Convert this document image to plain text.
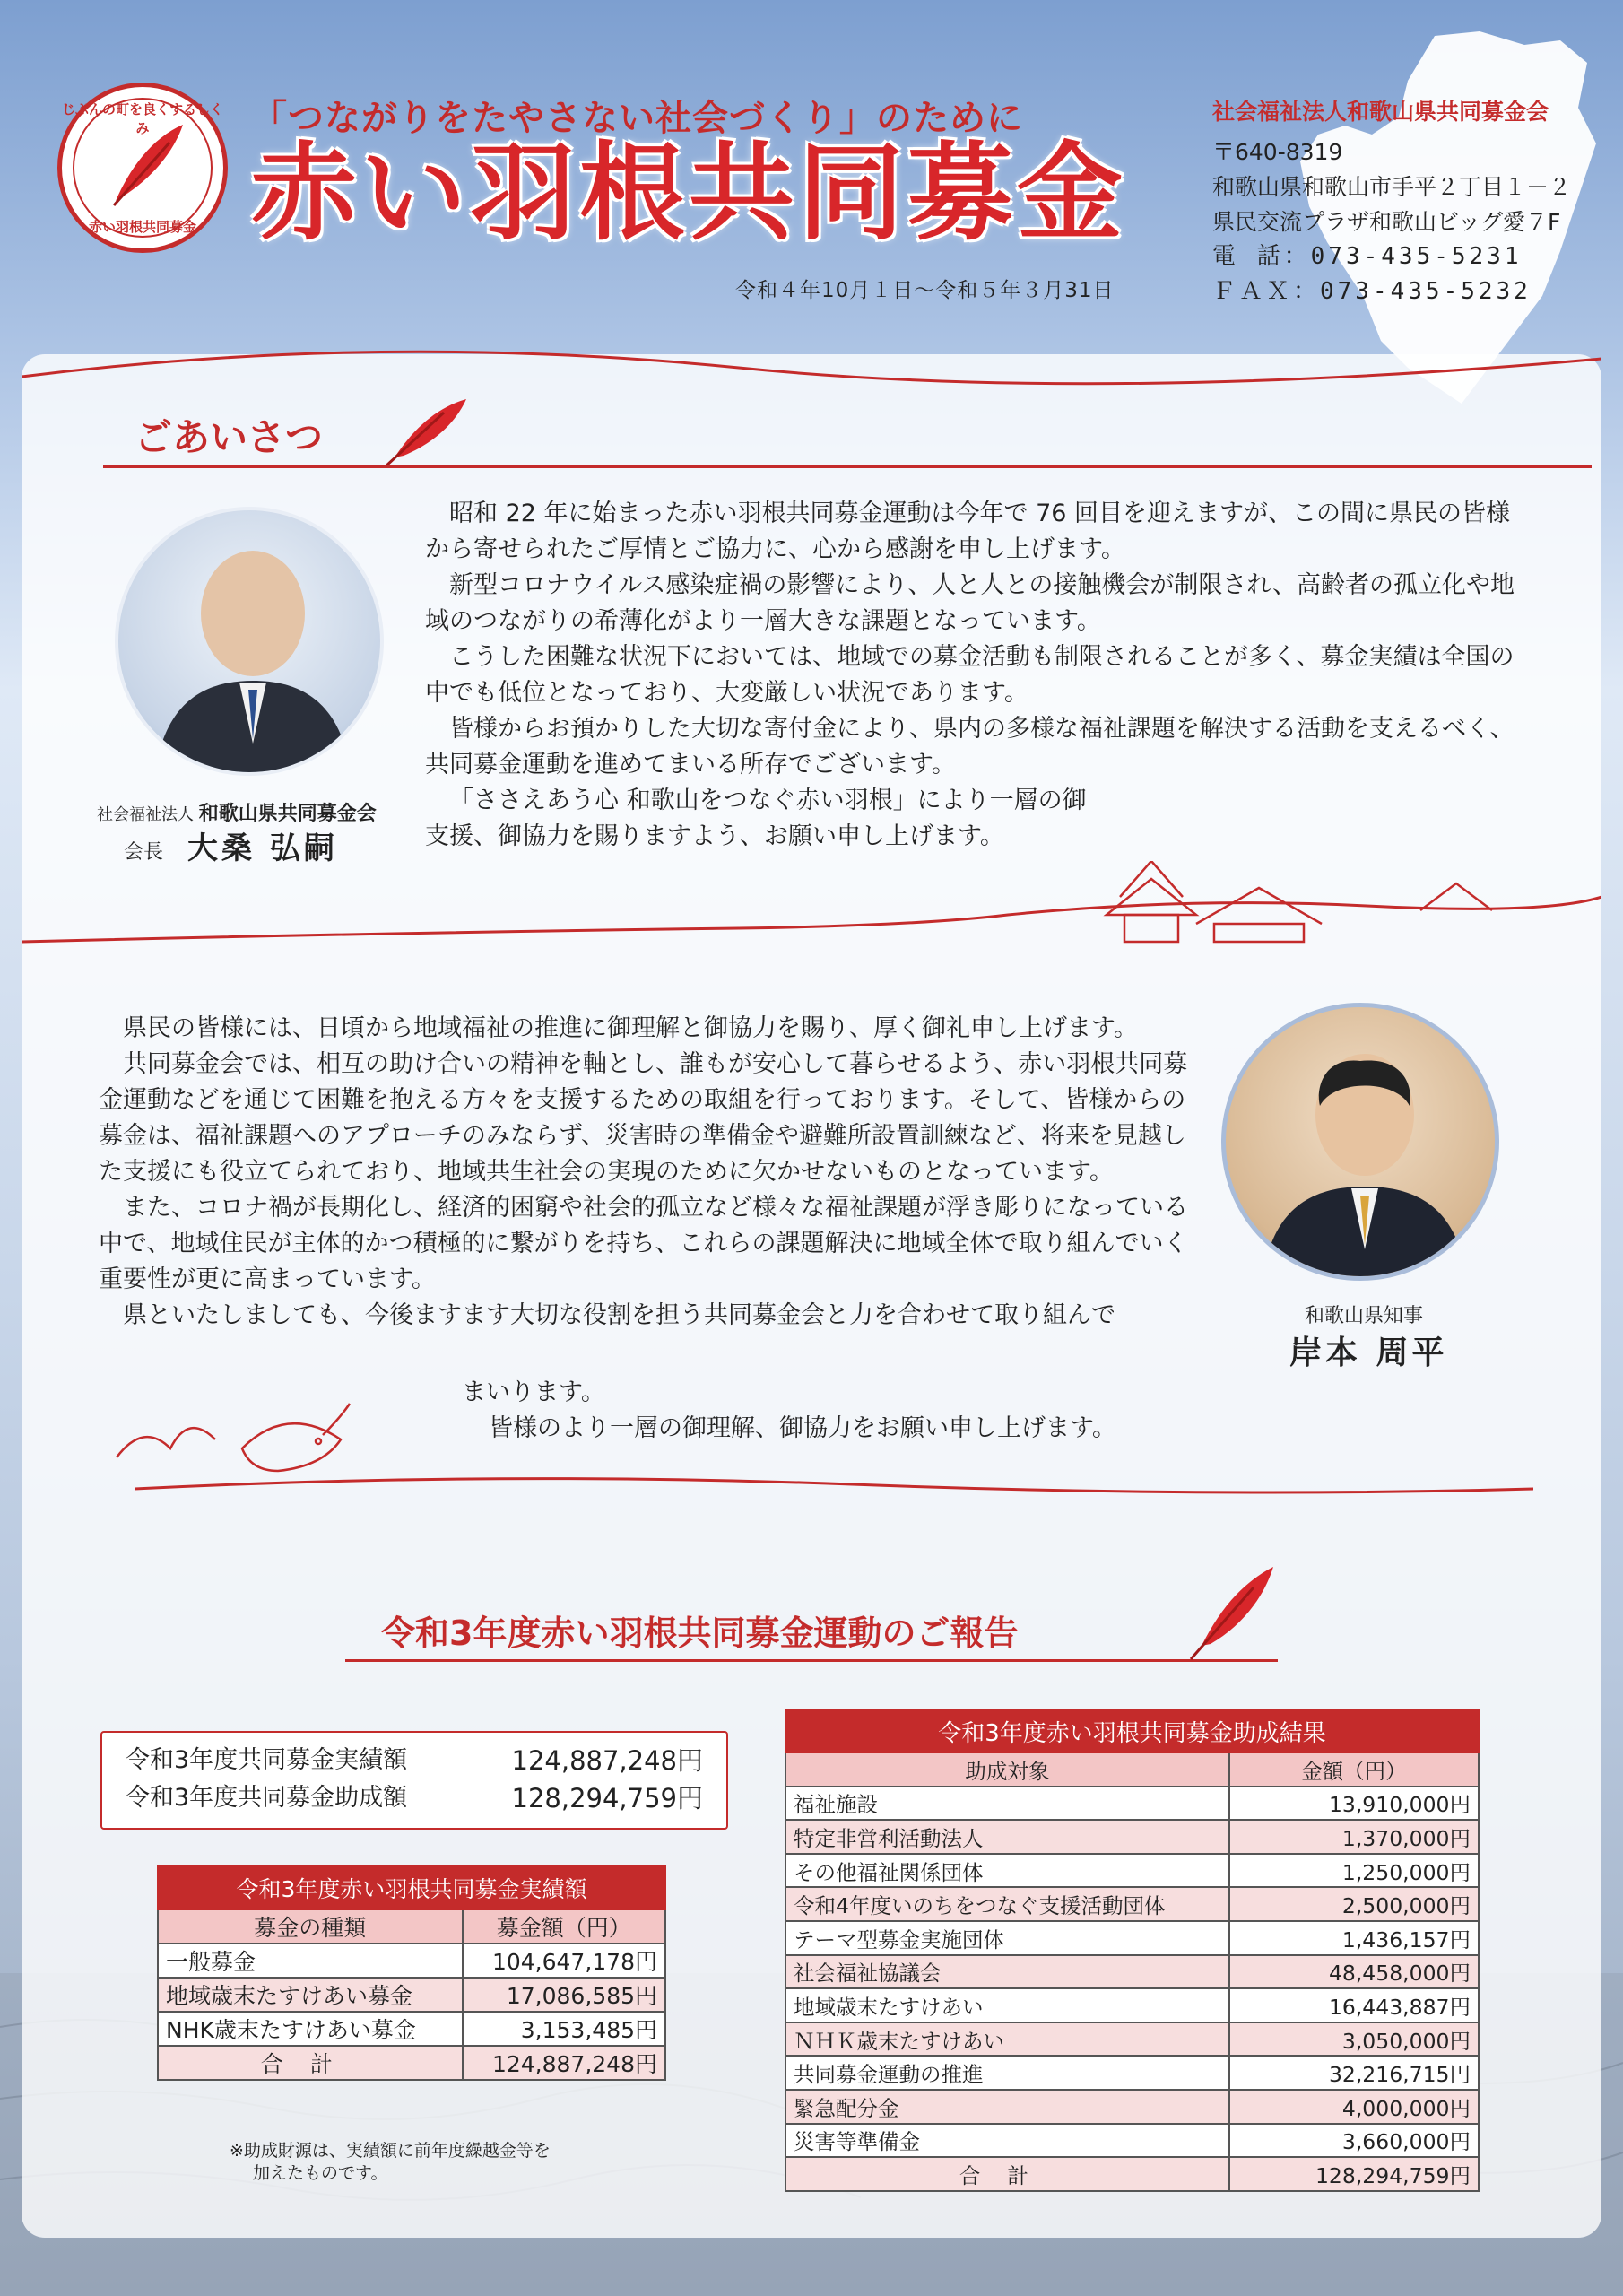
じぶんの町を良くするしくみ
赤い羽根共同募金
「つながりをたやさない社会づくり」のために
赤い羽根共同募金
令和４年10月１日～令和５年３月31日
社会福祉法人和歌山県共同募金会
〒640-8319
和歌山県和歌山市手平２丁目１－２
県民交流プラザ和歌山ビッグ愛７F
電 話：073-435-5231
ＦＡＸ：073-435-5232
ごあいさつ
社会福祉法人 和歌山県共同募金会
会長 大桑 弘嗣

昭和 22 年に始まった赤い羽根共同募金運動は今年で 76 回目を迎えますが、この間に県民の皆様から寄せられたご厚情とご協力に、心から感謝を申し上げます。

新型コロナウイルス感染症禍の影響により、人と人との接触機会が制限され、高齢者の孤立化や地域のつながりの希薄化がより一層大きな課題となっています。

こうした困難な状況下においては、地域での募金活動も制限されることが多く、募金実績は全国の中でも低位となっており、大変厳しい状況であります。

皆様からお預かりした大切な寄付金により、県内の多様な福祉課題を解決する活動を支えるべく、共同募金運動を進めてまいる所存でございます。

「ささえあう心 和歌山をつなぐ赤い羽根」により一層の御支援、御協力を賜りますよう、お願い申し上げます。

県民の皆様には、日頃から地域福祉の推進に御理解と御協力を賜り、厚く御礼申し上げます。

共同募金会では、相互の助け合いの精神を軸とし、誰もが安心して暮らせるよう、赤い羽根共同募金運動などを通じて困難を抱える方々を支援するための取組を行っております。そして、皆様からの募金は、福祉課題へのアプローチのみならず、災害時の準備金や避難所設置訓練など、将来を見越した支援にも役立てられており、地域共生社会の実現のために欠かせないものとなっています。

また、コロナ禍が長期化し、経済的困窮や社会的孤立など様々な福祉課題が浮き彫りになっている中で、地域住民が主体的かつ積極的に繋がりを持ち、これらの課題解決に地域全体で取り組んでいく重要性が更に高まっています。

県といたしましても、今後ますます大切な役割を担う共同募金会と力を合わせて取り組んで

まいります。
皆様のより一層の御理解、御協力をお願い申し上げます。
和歌山県知事
岸本 周平
令和3年度赤い羽根共同募金運動のご報告
令和3年度共同募金実績額	124,887,248円
令和3年度共同募金助成額	128,294,759円
令和3年度赤い羽根共同募金実績額	
募金の種類	募金額（円）
一般募金	104,647,178円
地域歳末たすけあい募金	17,086,585円
NHK歳末たすけあい募金	3,153,485円
合計	124,887,248円
※助成財源は、実績額に前年度繰越金等を
加えたものです。
令和3年度赤い羽根共同募金助成結果	
助成対象	金額（円）
福祉施設	13,910,000円
特定非営利活動法人	1,370,000円
その他福祉関係団体	1,250,000円
令和4年度いのちをつなぐ支援活動団体	2,500,000円
テーマ型募金実施団体	1,436,157円
社会福祉協議会	48,458,000円
地域歳末たすけあい	16,443,887円
ＮＨＫ歳末たすけあい	3,050,000円
共同募金運動の推進	32,216,715円
緊急配分金	4,000,000円
災害等準備金	3,660,000円
合計	128,294,759円
